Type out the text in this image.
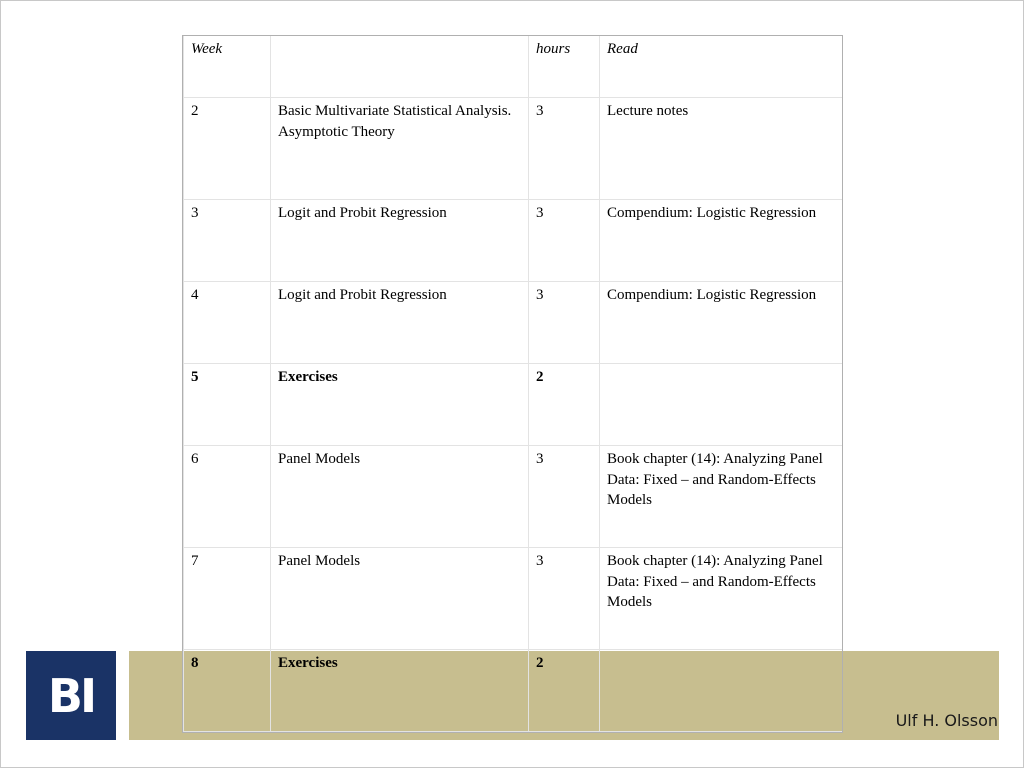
BI	Ulf H. Olsson
Week		hours	Read
2	Basic Multivariate Statistical Analysis. Asymptotic Theory	3	Lecture notes
3	Logit and Probit Regression	3	Compendium: Logistic Regression
4	Logit and Probit Regression	3	Compendium: Logistic Regression
5	Exercises	2	
6	Panel Models	3	Book chapter (14): Analyzing Panel Data: Fixed – and Random-Effects Models
7	Panel Models	3	Book chapter (14): Analyzing Panel Data: Fixed – and Random-Effects Models
8	Exercises	2	
